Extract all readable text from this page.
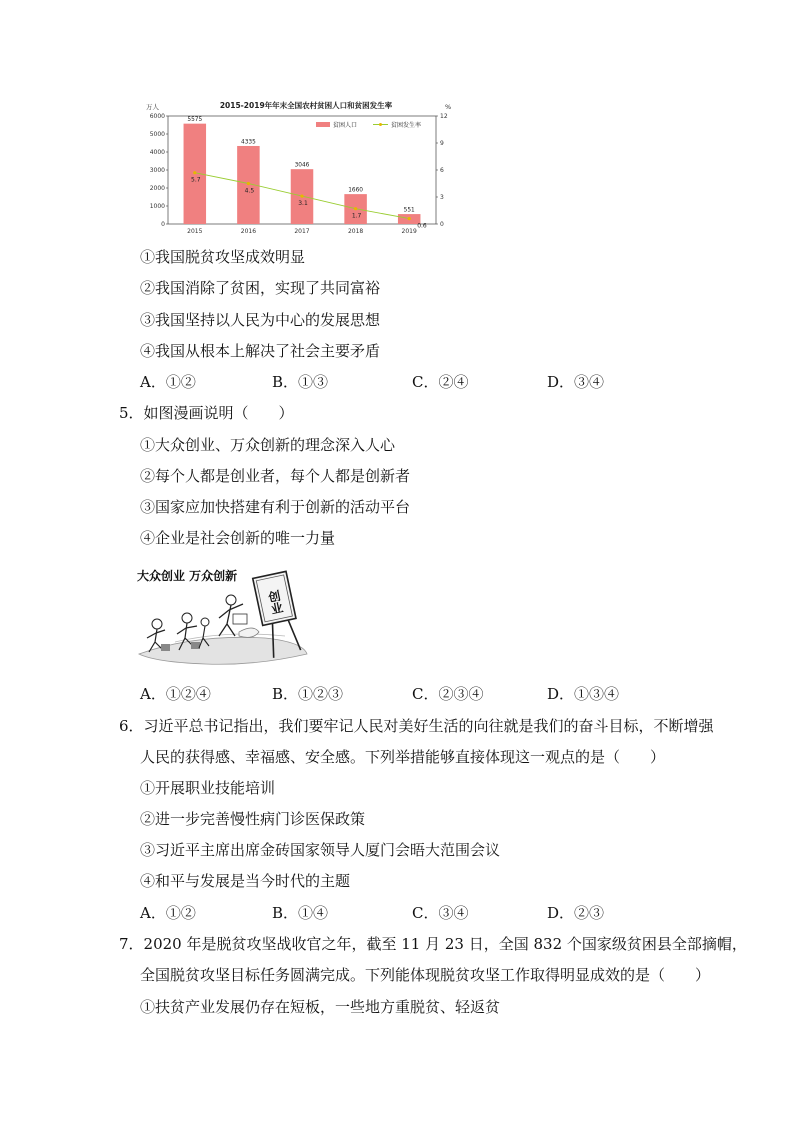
2015-2019年年末全国农村贫困人口和贫困发生率
万人	%
贫困人口	贫困发生率
0
1000
2000
3000
4000
5000
6000
0
3
6
9
12
2015	2016	2017	2018	2019
5575
4335
3046
1660
551
5.7
4.5
3.1
1.7
0.6
①我国脱贫攻坚成效明显
②我国消除了贫困，实现了共同富裕
③我国坚持以人民为中心的发展思想
④我国从根本上解决了社会主要矛盾
A．①②	B．①③	C．②④	D．③④
5．如图漫画说明（　　）
①大众创业、万众创新的理念深入人心
②每个人都是创业者，每个人都是创新者
③国家应加快搭建有利于创新的活动平台
④企业是社会创新的唯一力量
大众创业 万众创新
创业
A．①②④	B．①②③	C．②③④	D．①③④
6．习近平总书记指出，我们要牢记人民对美好生活的向往就是我们的奋斗目标，不断增强
人民的获得感、幸福感、安全感。下列举措能够直接体现这一观点的是（　　）
①开展职业技能培训
②进一步完善慢性病门诊医保政策
③习近平主席出席金砖国家领导人厦门会晤大范围会议
④和平与发展是当今时代的主题
A．①②	B．①④	C．③④	D．②③
7．2020 年是脱贫攻坚战收官之年，截至 11 月 23 日，全国 832 个国家级贫困县全部摘帽，
全国脱贫攻坚目标任务圆满完成。下列能体现脱贫攻坚工作取得明显成效的是（　　）
①扶贫产业发展仍存在短板，一些地方重脱贫、轻返贫
